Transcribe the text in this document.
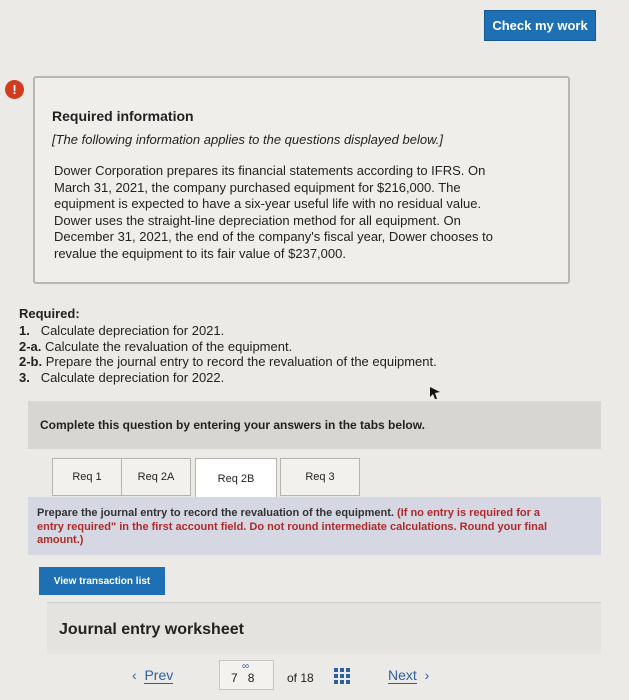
Check my work
!
Required information
[The following information applies to the questions displayed below.]
Dower Corporation prepares its financial statements according to IFRS. On
March 31, 2021, the company purchased equipment for $216,000. The
equipment is expected to have a six-year useful life with no residual value.
Dower uses the straight-line depreciation method for all equipment. On
December 31, 2021, the end of the company's fiscal year, Dower chooses to
revalue the equipment to its fair value of $237,000.
Required:
1. Calculate depreciation for 2021.
2-a. Calculate the revaluation of the equipment.
2-b. Prepare the journal entry to record the revaluation of the equipment.
3. Calculate depreciation for 2022.
Complete this question by entering your answers in the tabs below.
Req 1	Req 2A	Req 2B	Req 3
Prepare the journal entry to record the revaluation of the equipment. (If no entry is required for a
entry required" in the first account field. Do not round intermediate calculations. Round your final
amount.)
View transaction list
Journal entry worksheet
‹ Prev
∞
78 of 18	Next ›
